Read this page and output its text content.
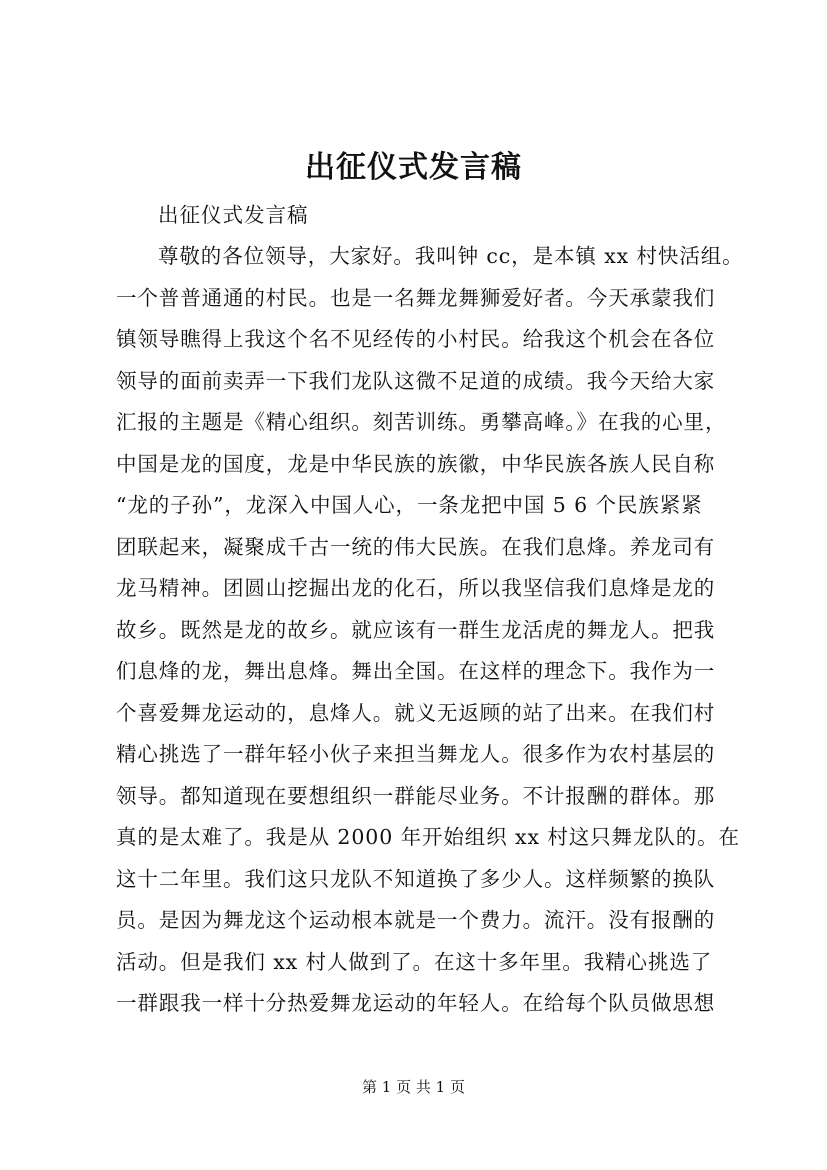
出征仪式发言稿
出征仪式发言稿
尊敬的各位领导，大家好。我叫钟 cc，是本镇 xx 村快活组。
一个普普通通的村民。也是一名舞龙舞狮爱好者。今天承蒙我们
镇领导瞧得上我这个名不见经传的小村民。给我这个机会在各位
领导的面前卖弄一下我们龙队这微不足道的成绩。我今天给大家
汇报的主题是《精心组织。刻苦训练。勇攀高峰。》在我的心里，
中国是龙的国度，龙是中华民族的族徽，中华民族各族人民自称
“龙的子孙”，龙深入中国人心，一条龙把中国 5 6 个民族紧紧
团联起来，凝聚成千古一统的伟大民族。在我们息烽。养龙司有
龙马精神。团圆山挖掘出龙的化石，所以我坚信我们息烽是龙的
故乡。既然是龙的故乡。就应该有一群生龙活虎的舞龙人。把我
们息烽的龙，舞出息烽。舞出全国。在这样的理念下。我作为一
个喜爱舞龙运动的，息烽人。就义无返顾的站了出来。在我们村
精心挑选了一群年轻小伙子来担当舞龙人。很多作为农村基层的
领导。都知道现在要想组织一群能尽业务。不计报酬的群体。那
真的是太难了。我是从 2000 年开始组织 xx 村这只舞龙队的。在
这十二年里。我们这只龙队不知道换了多少人。这样频繁的换队
员。是因为舞龙这个运动根本就是一个费力。流汗。没有报酬的
活动。但是我们 xx 村人做到了。在这十多年里。我精心挑选了
一群跟我一样十分热爱舞龙运动的年轻人。在给每个队员做思想
第 1 页 共 1 页
